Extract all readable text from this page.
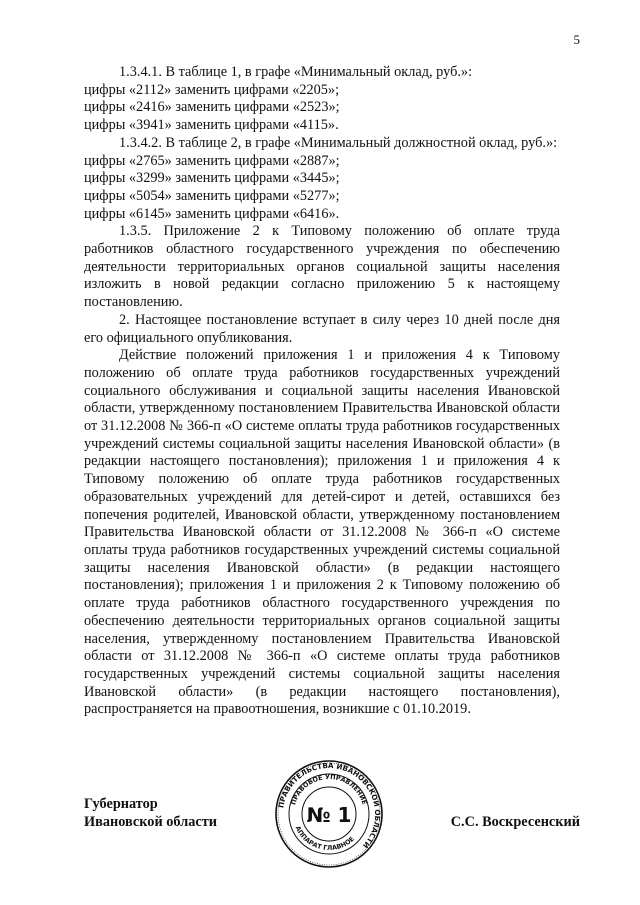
5

1.3.4.1. В таблице 1, в графе «Минимальный оклад, руб.»:

цифры «2112» заменить цифрами «2205»;

цифры «2416» заменить цифрами «2523»;

цифры «3941» заменить цифрами «4115».

1.3.4.2. В таблице 2, в графе «Минимальный должностной оклад, руб.»:

цифры «2765» заменить цифрами «2887»;

цифры «3299» заменить цифрами «3445»;

цифры «5054» заменить цифрами «5277»;

цифры «6145» заменить цифрами «6416».

1.3.5. Приложение 2 к Типовому положению об оплате труда работников областного государственного учреждения по обеспечению деятельности территориальных органов социальной защиты населения изложить в новой редакции согласно приложению 5 к настоящему постановлению.

2. Настоящее постановление вступает в силу через 10 дней после дня его официального опубликования.

Действие положений приложения 1 и приложения 4 к Типовому положению об оплате труда работников государственных учреждений социального обслуживания и социальной защиты населения Ивановской области, утвержденному постановлением Правительства Ивановской области от 31.12.2008 № 366-п «О системе оплаты труда работников государственных учреждений системы социальной защиты населения Ивановской области» (в редакции настоящего постановления); приложения 1 и приложения 4 к Типовому положению об оплате труда работников государственных образовательных учреждений для детей-сирот и детей, оставшихся без попечения родителей, Ивановской области, утвержденному постановлением Правительства Ивановской области от 31.12.2008 № 366-п «О системе оплаты труда работников государственных учреждений системы социальной защиты населения Ивановской области» (в редакции настоящего постановления); приложения 1 и приложения 2 к Типовому положению об оплате труда работников областного государственного учреждения по обеспечению деятельности территориальных органов социальной защиты населения, утвержденному постановлением Правительства Ивановской области от 31.12.2008 № 366-п «О системе оплаты труда работников государственных учреждений системы социальной защиты населения Ивановской области» (в редакции настоящего постановления), распространяется на правоотношения, возникшие с 01.10.2019.

Губернатор
Ивановской области
ПРАВИТЕЛЬСТВА ИВАНОВСКОЙ ОБЛАСТИ
ПРАВОВОЕ УПРАВЛЕНИЕ
АППАРАТ ГЛАВНОЕ
№ 1	С.С. Воскресенский
